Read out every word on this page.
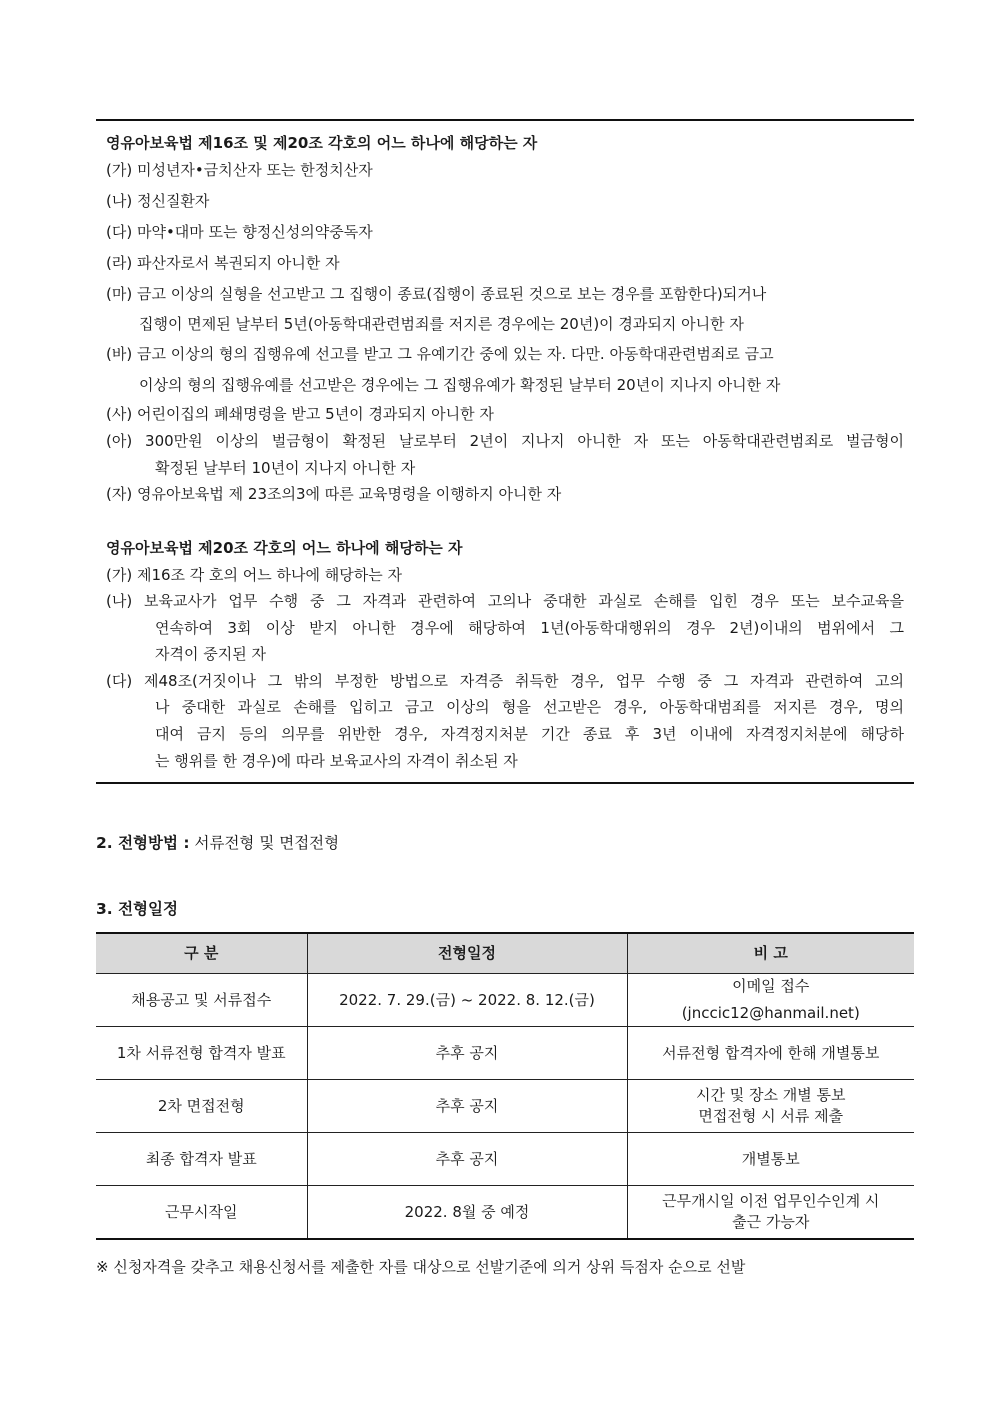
영유아보육법 제16조 및 제20조 각호의 어느 하나에 해당하는 자
(가) 미성년자•금치산자 또는 한정치산자
(나) 정신질환자
(다) 마약•대마 또는 향정신성의약중독자
(라) 파산자로서 복권되지 아니한 자
(마) 금고 이상의 실형을 선고받고 그 집행이 종료(집행이 종료된 것으로 보는 경우를 포함한다)되거나
집행이 면제된 날부터 5년(아동학대관련범죄를 저지른 경우에는 20년)이 경과되지 아니한 자
(바) 금고 이상의 형의 집행유예 선고를 받고 그 유예기간 중에 있는 자. 다만. 아동학대관련범죄로 금고
이상의 형의 집행유예를 선고받은 경우에는 그 집행유예가 확정된 날부터 20년이 지나지 아니한 자
(사) 어린이집의 폐쇄명령을 받고 5년이 경과되지 아니한 자
(아) 300만원 이상의 벌금형이 확정된 날로부터 2년이 지나지 아니한 자 또는 아동학대관련범죄로 벌금형이
확정된 날부터 10년이 지나지 아니한 자
(자) 영유아보육법 제 23조의3에 따른 교육명령을 이행하지 아니한 자
영유아보육법 제20조 각호의 어느 하나에 해당하는 자
(가) 제16조 각 호의 어느 하나에 해당하는 자
(나) 보육교사가 업무 수행 중 그 자격과 관련하여 고의나 중대한 과실로 손해를 입힌 경우 또는 보수교육을
연속하여 3회 이상 받지 아니한 경우에 해당하여 1년(아동학대행위의 경우 2년)이내의 범위에서 그
자격이 중지된 자
(다) 제48조(거짓이나 그 밖의 부정한 방법으로 자격증 취득한 경우, 업무 수행 중 그 자격과 관련하여 고의
나 중대한 과실로 손해를 입히고 금고 이상의 형을 선고받은 경우, 아동학대범죄를 저지른 경우, 명의
대여 금지 등의 의무를 위반한 경우, 자격정지처분 기간 종료 후 3년 이내에 자격정지처분에 해당하
는 행위를 한 경우)에 따라 보육교사의 자격이 취소된 자
2. 전형방법 : 서류전형 및 면접전형
3. 전형일정
구 분	전형일정	비 고
채용공고 및 서류접수	2022. 7. 29.(금) ~ 2022. 8. 12.(금)	이메일 접수
(jnccic12@hanmail.net)

1차 서류전형 합격자 발표	추후 공지	서류전형 합격자에 한해 개별통보
2차 면접전형	추후 공지	시간 및 장소 개별 통보
면접전형 시 서류 제출

최종 합격자 발표	추후 공지	개별통보
근무시작일	2022. 8월 중 예정	근무개시일 이전 업무인수인계 시
출근 가능자
※ 신청자격을 갖추고 채용신청서를 제출한 자를 대상으로 선발기준에 의거 상위 득점자 순으로 선발
